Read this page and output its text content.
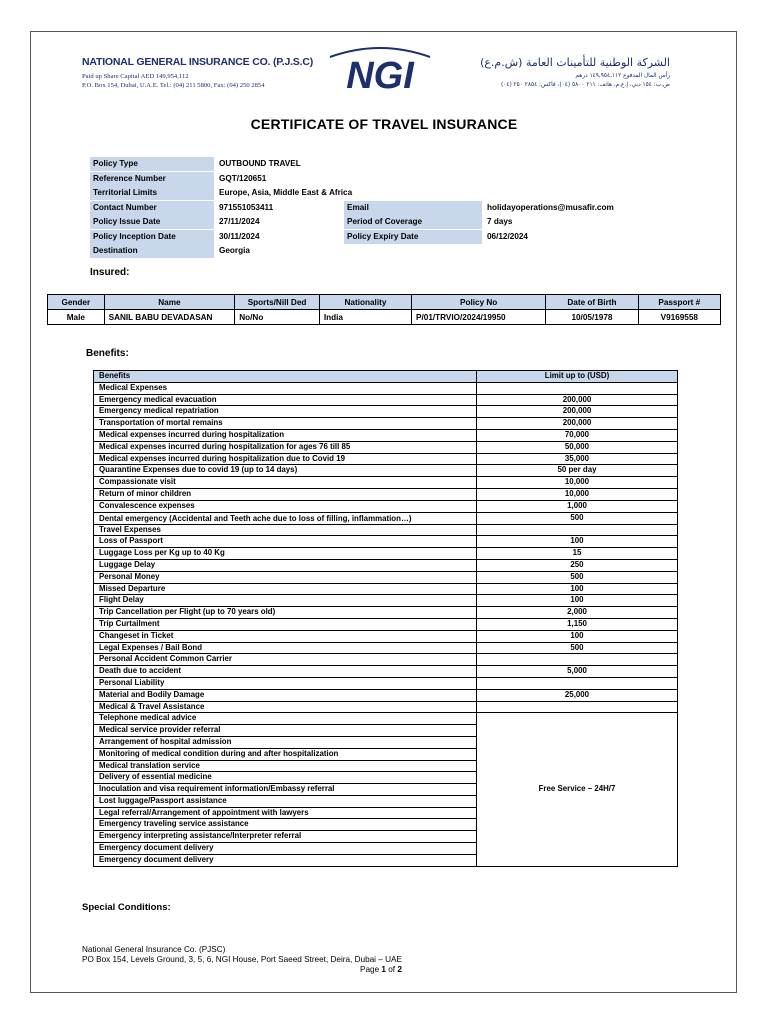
NATIONAL GENERAL INSURANCE CO. (P.J.S.C)
Paid up Share Capital AED 149,954,112
P.O. Box 154, Dubai, U.A.E. Tel.: (04) 211 5800, Fax: (04) 250 2854 NGI	الشركة الوطنية للتأمينات العامة (ش.م.ع)
رأس المال المدفوع ١٤٩,٩٥٤,١١٢ درهم
ص.ب: ١٥٤ دبي، إ.ع.م، هاتف: ٢١١ ٥٨٠٠ (٠٤)، فاكس: ٢٨٥٤ ٢٥٠ (٠٤)
CERTIFICATE OF TRAVEL INSURANCE
Policy Type	OUTBOUND TRAVEL
Reference Number	GQT/120651
Territorial Limits	Europe, Asia, Middle East & Africa
Contact Number	971551053411	Email	holidayoperations@musafir.com
Policy Issue Date	27/11/2024	Period of Coverage	7 days
Policy Inception Date	30/11/2024	Policy Expiry Date	06/12/2024
Destination	Georgia
Insured:
Gender	Name	Sports/Nill Ded	Nationality	Policy No	Date of Birth	Passport #
Male	SANIL BABU DEVADASAN	No/No	India	P/01/TRVIO/2024/19950	10/05/1978	V9169558
Benefits:
Benefits	Limit up to (USD)
Medical Expenses	
Emergency medical evacuation	200,000
Emergency medical repatriation	200,000
Transportation of mortal remains	200,000
Medical expenses incurred during hospitalization	70,000
Medical expenses incurred during hospitalization for ages 76 till 85	50,000
Medical expenses incurred during hospitalization due to Covid 19	35,000
Quarantine Expenses due to covid 19 (up to 14 days)	50 per day
Compassionate visit	10,000
Return of minor children	10,000
Convalescence expenses	1,000
Dental emergency (Accidental and Teeth ache due to loss of filling, inflammation…)	500
Travel Expenses	
Loss of Passport	100
Luggage Loss per Kg up to 40 Kg	15
Luggage Delay	250
Personal Money	500
Missed Departure	100
Flight Delay	100
Trip Cancellation per Flight (up to 70 years old)	2,000
Trip Curtailment	1,150
Changeset in Ticket	100
Legal Expenses / Bail Bond	500
Personal Accident Common Carrier	
Death due to accident	5,000
Personal Liability	
Material and Bodily Damage	25,000
Medical & Travel Assistance	
Telephone medical advice	Free Service – 24H/7
Medical service provider referral	
Arrangement of hospital admission	
Monitoring of medical condition during and after hospitalization	
Medical translation service	
Delivery of essential medicine	
Inoculation and visa requirement information/Embassy referral	
Lost luggage/Passport assistance	
Legal referral/Arrangement of appointment with lawyers	
Emergency traveling service assistance	
Emergency interpreting assistance/Interpreter referral	
Emergency document delivery	
Emergency document delivery	
Special Conditions:
National General Insurance Co. (PJSC)
PO Box 154, Levels Ground, 3, 5, 6, NGI House, Port Saeed Street, Deira, Dubai – UAE
Page 1 of 2
